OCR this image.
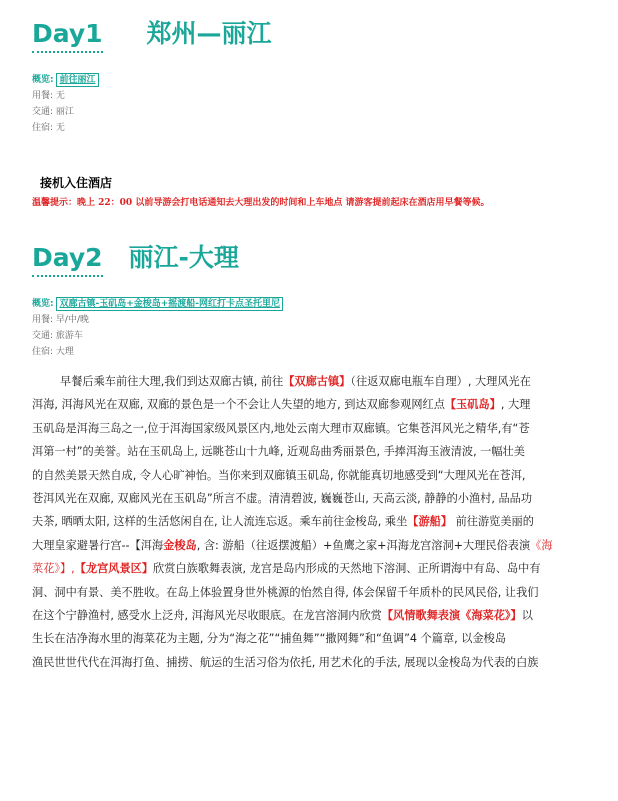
Day1 郑州—丽江
概览: 前往丽江
用餐: 无
交通: 丽江
住宿: 无
接机入住酒店
温馨提示：晚上 22：00 以前导游会打电话通知去大理出发的时间和上车地点 请游客提前起床在酒店用早餐等候。
Day2 丽江-大理
概览: 双廊古镇-玉矶岛+金梭岛+摇渡船-网红打卡点圣托里尼
用餐: 早/中/晚
交通: 旅游车
住宿: 大理
早餐后乘车前往大理,我们到达双廊古镇, 前往【双廊古镇】（往返双廊电瓶车自理）, 大理风光在
洱海, 洱海风光在双廊, 双廊的景色是一个不会让人失望的地方, 到达双廊参观网红点【玉矶岛】, 大理
玉矶岛是洱海三岛之一,位于洱海国家级风景区内,地处云南大理市双廊镇。它集苍洱风光之精华,有“苍
洱第一村”的美誉。站在玉矶岛上, 远眺苍山十九峰, 近观岛曲秀丽景色, 手捧洱海玉液清波, 一幅壮美
的自然美景天然自成, 令人心旷神怡。当你来到双廊镇玉矶岛, 你就能真切地感受到“大理风光在苍洱,
苍洱风光在双廊, 双廊风光在玉矶岛”所言不虚。清清碧波, 巍巍苍山, 天高云淡, 静静的小渔村, 品品功
夫茶, 晒晒太阳, 这样的生活悠闲自在, 让人流连忘返。乘车前往金梭岛, 乘坐【游船】 前往游览美丽的
大理皇家避暑行宫--【洱海金梭岛, 含: 游船（往返摆渡船）+鱼鹰之家+洱海龙宫溶洞+大理民俗表演《海
菜花》】,【龙宫风景区】欣赏白族歌舞表演, 龙宫是岛内形成的天然地下溶洞、正所谓海中有岛、岛中有
洞、洞中有景、美不胜收。在岛上体验置身世外桃源的怡然自得, 体会保留千年质朴的民风民俗, 让我们
在这个宁静渔村, 感受水上泛舟, 洱海风光尽收眼底。在龙宫溶洞内欣赏【风情歌舞表演《海菜花》】以
生长在洁净海水里的海菜花为主题, 分为“海之花”“捕鱼舞”“撒网舞”和“鱼调”4 个篇章, 以金梭岛
渔民世世代代在洱海打鱼、捕捞、航运的生活习俗为依托, 用艺术化的手法, 展现以金梭岛为代表的白族
